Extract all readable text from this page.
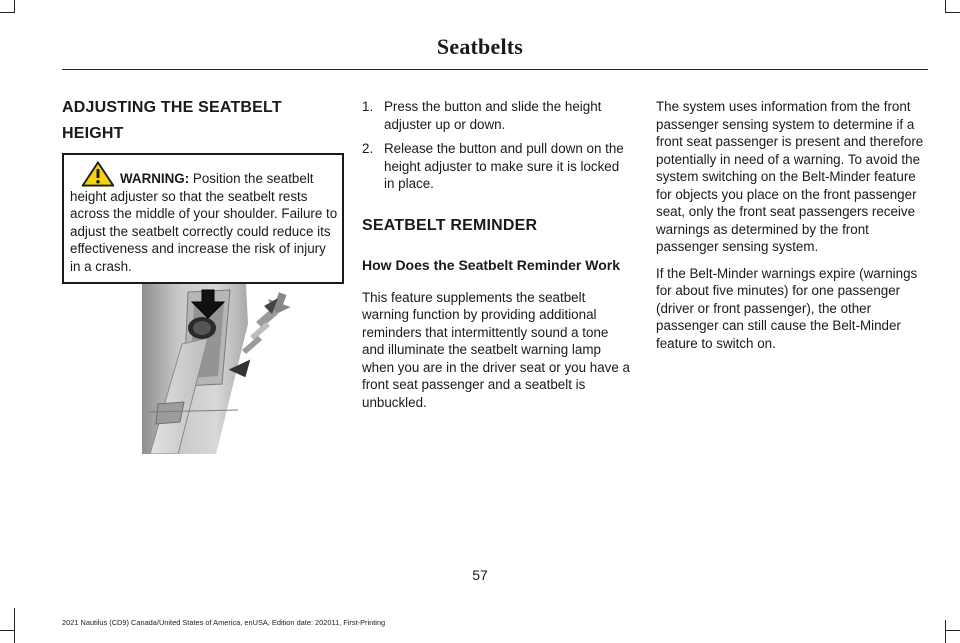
Seatbelts
ADJUSTING THE SEATBELT
HEIGHT
WARNING: Position the seatbelt height adjuster so that the seatbelt rests across the middle of your shoulder. Failure to adjust the seatbelt correctly could reduce its effectiveness and increase the risk of injury in a crash.
1. Press the button and slide the height adjuster up or down.
2. Release the button and pull down on the height adjuster to make sure it is locked in place.
SEATBELT REMINDER
How Does the Seatbelt Reminder Work

This feature supplements the seatbelt warning function by providing additional reminders that intermittently sound a tone and illuminate the seatbelt warning lamp when you are in the driver seat or you have a front seat passenger and a seatbelt is unbuckled.

The system uses information from the front passenger sensing system to determine if a front seat passenger is present and therefore potentially in need of a warning. To avoid the system switching on the Belt-Minder feature for objects you place on the front passenger seat, only the front seat passengers receive warnings as determined by the front passenger sensing system.

If the Belt-Minder warnings expire (warnings for about five minutes) for one passenger (driver or front passenger), the other passenger can still cause the Belt-Minder feature to switch on.

57
2021 Nautilus (CD9) Canada/United States of America, enUSA, Edition date: 202011, First-Printing
